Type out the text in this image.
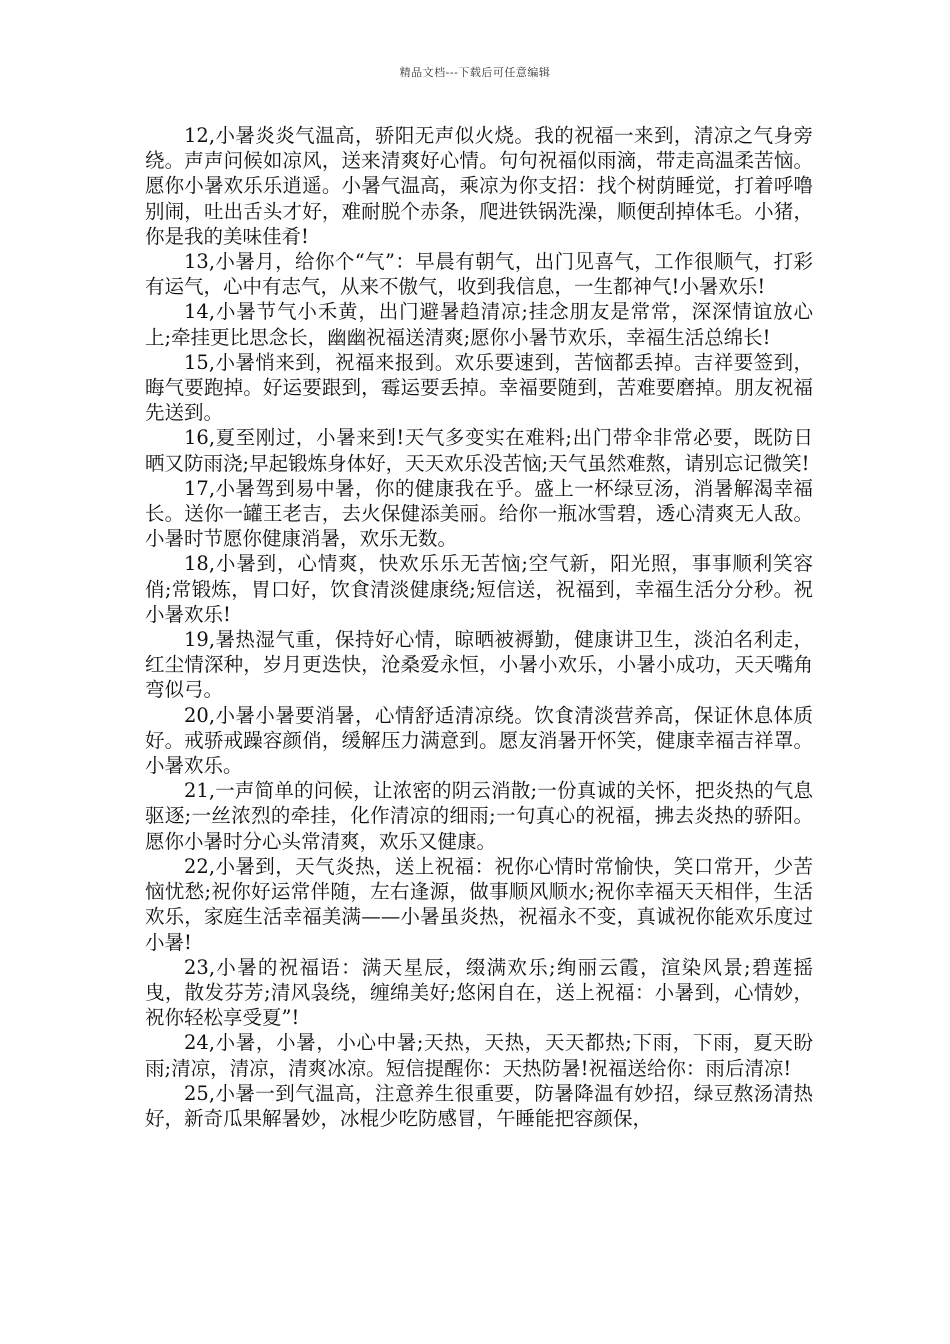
精品文档---下载后可任意编辑

12,小暑炎炎气温高，骄阳无声似火烧。我的祝福一来到，清凉之气身旁绕。声声问候如凉风，送来清爽好心情。句句祝福似雨滴，带走高温柔苦恼。愿你小暑欢乐乐逍遥。小暑气温高，乘凉为你支招：找个树荫睡觉，打着呼噜别闹，吐出舌头才好，难耐脱个赤条，爬进铁锅洗澡，顺便刮掉体毛。小猪，你是我的美味佳肴!

13,小暑月，给你个“气”：早晨有朝气，出门见喜气，工作很顺气，打彩有运气，心中有志气，从来不傲气，收到我信息，一生都神气!小暑欢乐!

14,小暑节气小禾黄，出门避暑趋清凉;挂念朋友是常常，深深情谊放心上;牵挂更比思念长，幽幽祝福送清爽;愿你小暑节欢乐，幸福生活总绵长!

15,小暑悄来到，祝福来报到。欢乐要速到，苦恼都丢掉。吉祥要签到，晦气要跑掉。好运要跟到，霉运要丢掉。幸福要随到，苦难要磨掉。朋友祝福先送到。

16,夏至刚过，小暑来到!天气多变实在难料;出门带伞非常必要，既防日晒又防雨浇;早起锻炼身体好，天天欢乐没苦恼;天气虽然难熬，请别忘记微笑!

17,小暑驾到易中暑，你的健康我在乎。盛上一杯绿豆汤，消暑解渴幸福长。送你一罐王老吉，去火保健添美丽。给你一瓶冰雪碧，透心清爽无人敌。小暑时节愿你健康消暑，欢乐无数。

18,小暑到，心情爽，快欢乐乐无苦恼;空气新，阳光照，事事顺利笑容俏;常锻炼，胃口好，饮食清淡健康绕;短信送，祝福到，幸福生活分分秒。祝小暑欢乐!

19,暑热湿气重，保持好心情，晾晒被褥勤，健康讲卫生，淡泊名利走，红尘情深种，岁月更迭快，沧桑爱永恒，小暑小欢乐，小暑小成功，天天嘴角弯似弓。

20,小暑小暑要消暑，心情舒适清凉绕。饮食清淡营养高，保证休息体质好。戒骄戒躁容颜俏，缓解压力满意到。愿友消暑开怀笑，健康幸福吉祥罩。小暑欢乐。

21,一声简单的问候，让浓密的阴云消散;一份真诚的关怀，把炎热的气息驱逐;一丝浓烈的牵挂，化作清凉的细雨;一句真心的祝福，拂去炎热的骄阳。愿你小暑时分心头常清爽，欢乐又健康。

22,小暑到，天气炎热，送上祝福：祝你心情时常愉快，笑口常开，少苦恼忧愁;祝你好运常伴随，左右逢源，做事顺风顺水;祝你幸福天天相伴，生活欢乐，家庭生活幸福美满——小暑虽炎热，祝福永不变，真诚祝你能欢乐度过小暑!

23,小暑的祝福语：满天星辰，缀满欢乐;绚丽云霞，渲染风景;碧莲摇曳，散发芬芳;清风袅绕，缠绵美好;悠闲自在，送上祝福：小暑到，心情妙，祝你轻松享受夏”!

24,小暑，小暑，小心中暑;天热，天热，天天都热;下雨，下雨，夏天盼雨;清凉，清凉，清爽冰凉。短信提醒你：天热防暑!祝福送给你：雨后清凉!

25,小暑一到气温高，注意养生很重要，防暑降温有妙招，绿豆熬汤清热好，新奇瓜果解暑妙，冰棍少吃防感冒，午睡能把容颜保，
